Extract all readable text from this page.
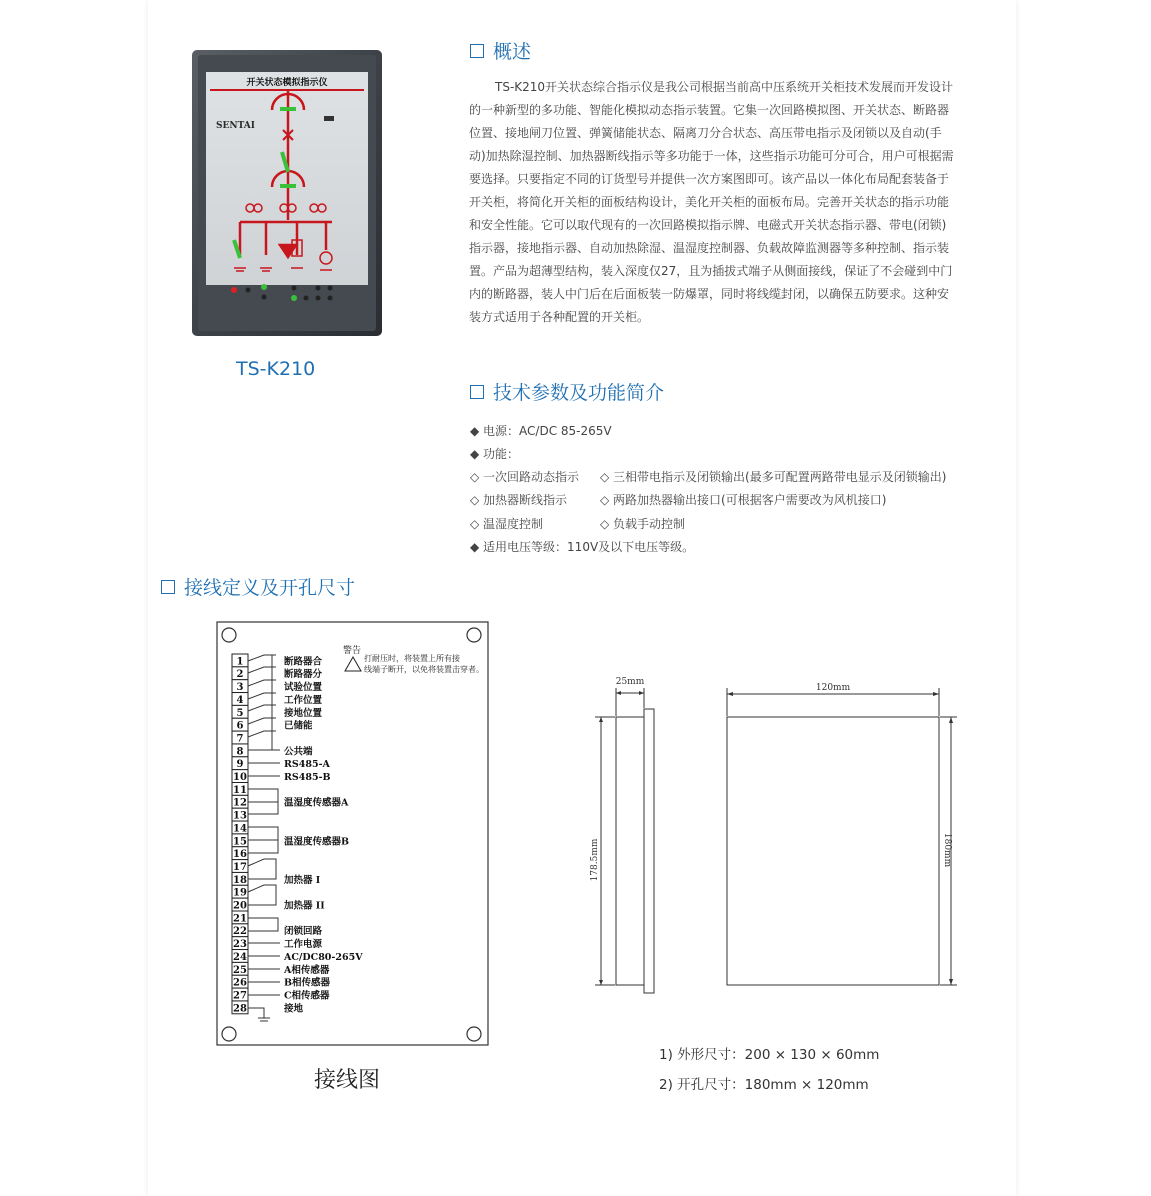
开关状态模拟指示仪
SENTAI
TS-K210
概述
TS-K210开关状态综合指示仪是我公司根据当前高中压系统开关柜技术发展而开发设计
的一种新型的多功能、智能化模拟动态指示装置。它集一次回路模拟图、开关状态、断路器
位置、接地闸刀位置、弹簧储能状态、隔离刀分合状态、高压带电指示及闭锁以及自动(手
动)加热除湿控制、加热器断线指示等多功能于一体，这些指示功能可分可合，用户可根据需
要选择。只要指定不同的订货型号并提供一次方案图即可。该产品以一体化布局配套装备于
开关柜，将简化开关柜的面板结构设计，美化开关柜的面板布局。完善开关状态的指示功能
和安全性能。它可以取代现有的一次回路模拟指示牌、电磁式开关状态指示器、带电(闭锁)
指示器，接地指示器、自动加热除湿、温湿度控制器、负载故障监测器等多种控制、指示装
置。产品为超薄型结构，装入深度仅27，且为插拔式端子从侧面接线，保证了不会碰到中门
内的断路器，装人中门后在后面板装一防爆罩，同时将线缆封闭，以确保五防要求。这种安
装方式适用于各种配置的开关柜。
技术参数及功能简介
◆ 电源：AC/DC 85-265V
◆ 功能：
◇ 一次回路动态指示 ◇ 三相带电指示及闭锁输出(最多可配置两路带电显示及闭锁输出)
◇ 加热器断线指示	◇ 两路加热器输出接口(可根据客户需要改为风机接口)
◇ 温湿度控制	◇ 负载手动控制
◆ 适用电压等级：110V及以下电压等级。
接线定义及开孔尺寸
警告
打耐压时，将装置上所有接
线端子断开，以免将装置击穿者。
1	断路器合
2	断路器分
3	试验位置
4	工作位置
5	接地位置
6	已储能
7
8	公共端
9	RS485-A
10	RS485-B
11
12	温湿度传感器A
13
14
15	温湿度传感器B
16
17
18	加热器 I
19
20	加热器 II
21
22	闭锁回路
23	工作电源
24	AC/DC80-265V
25	A相传感器
26	B相传感器
27	C相传感器
28	接地
接线图
25mm
120mm
178.5mm	180mm
1) 外形尺寸：200 × 130 × 60mm
2) 开孔尺寸：180mm × 120mm
